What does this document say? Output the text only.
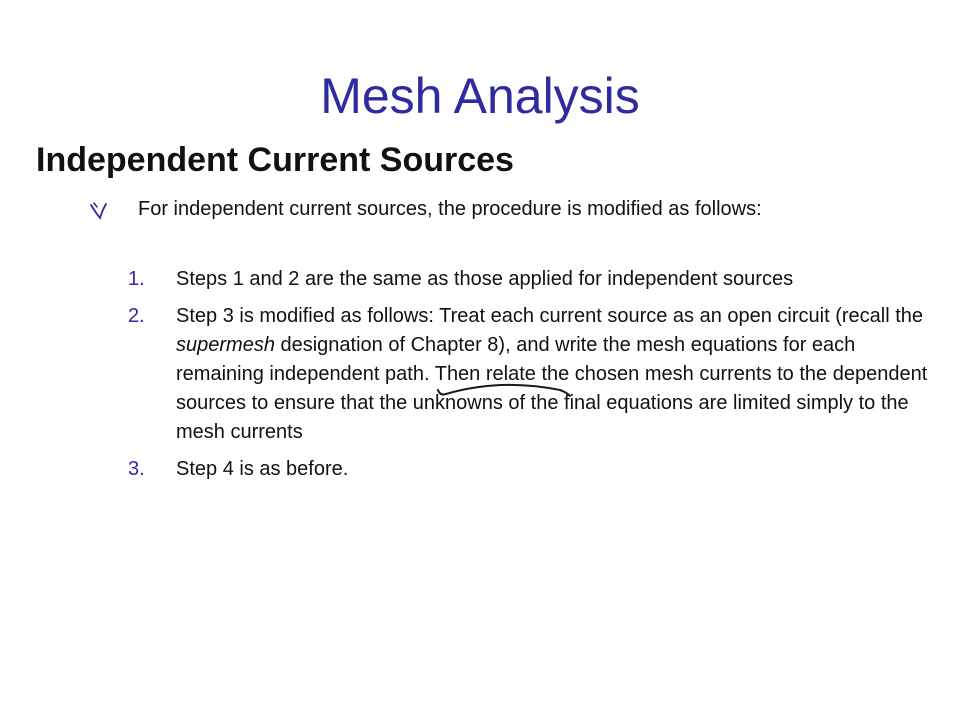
Mesh Analysis
Independent Current Sources
For independent current sources, the procedure is modified as follows:
1. Steps 1 and 2 are the same as those applied for independent sources
2. Step 3 is modified as follows: Treat each current source as an open circuit (recall the supermesh designation of Chapter 8), and write the mesh equations for each remaining independent path. Then relate the chosen mesh currents to the dependent sources to ensure that the unknowns of the final equations are limited simply to the mesh currents
3. Step 4 is as before.
